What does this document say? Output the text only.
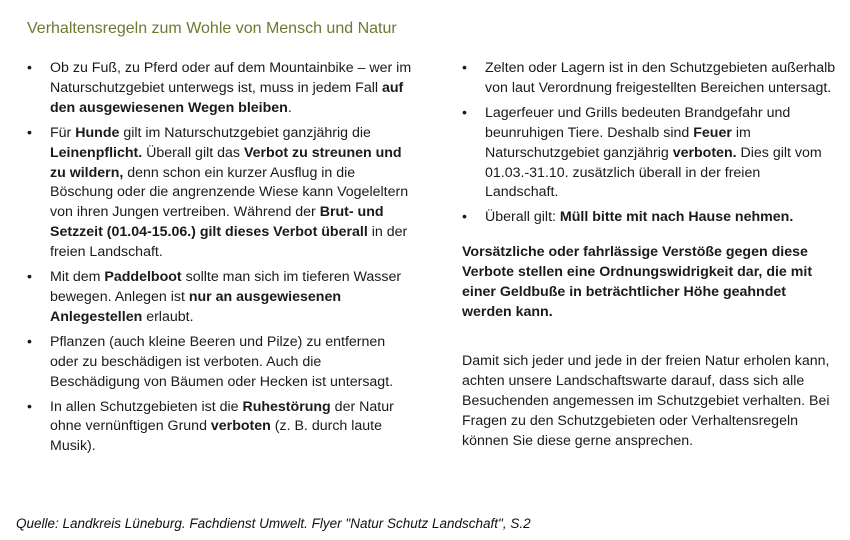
Verhaltensregeln zum Wohle von Mensch und Natur
• Ob zu Fuß, zu Pferd oder auf dem Mountainbike – wer im Naturschutzgebiet unterwegs ist, muss in jedem Fall auf den ausgewiesenen Wegen bleiben.
• Für Hunde gilt im Naturschutzgebiet ganzjährig die Leinenpflicht. Überall gilt das Verbot zu streunen und zu wildern, denn schon ein kurzer Ausflug in die Böschung oder die angrenzende Wiese kann Vogeleltern von ihren Jungen vertreiben. Während der Brut- und Setzzeit (01.04-15.06.) gilt dieses Verbot überall in der freien Landschaft.
• Mit dem Paddelboot sollte man sich im tieferen Wasser bewegen. Anlegen ist nur an ausgewiesenen Anlegestellen erlaubt.
• Pflanzen (auch kleine Beeren und Pilze) zu entfernen oder zu beschädigen ist verboten. Auch die Beschädigung von Bäumen oder Hecken ist untersagt.
• In allen Schutzgebieten ist die Ruhestörung der Natur ohne vernünftigen Grund verboten (z. B. durch laute Musik).
• Zelten oder Lagern ist in den Schutzgebieten außerhalb von laut Verordnung freigestellten Bereichen untersagt.
• Lagerfeuer und Grills bedeuten Brandgefahr und beunruhigen Tiere. Deshalb sind Feuer im Naturschutzgebiet ganzjährig verboten. Dies gilt vom 01.03.-31.10. zusätzlich überall in der freien Landschaft.
• Überall gilt: Müll bitte mit nach Hause nehmen.
Vorsätzliche oder fahrlässige Verstöße gegen diese Verbote stellen eine Ordnungswidrigkeit dar, die mit einer Geldbuße in beträchtlicher Höhe geahndet werden kann.
Damit sich jeder und jede in der freien Natur erholen kann, achten unsere Landschaftswarte darauf, dass sich alle Besuchenden angemessen im Schutzgebiet verhalten. Bei Fragen zu den Schutzgebieten oder Verhaltensregeln können Sie diese gerne ansprechen.
Quelle: Landkreis Lüneburg. Fachdienst Umwelt. Flyer "Natur Schutz Landschaft", S.2
